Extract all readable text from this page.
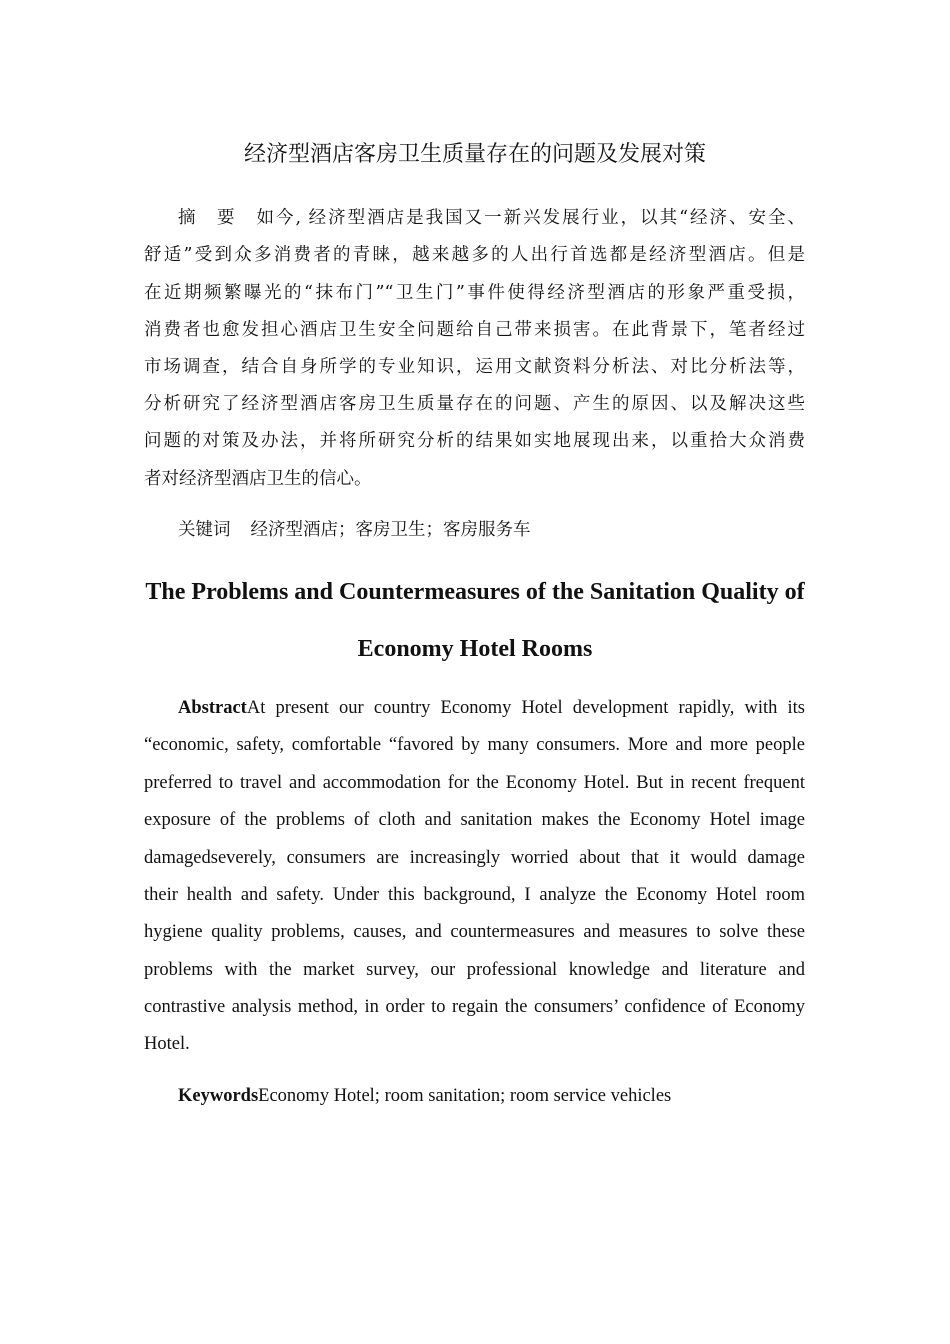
经济型酒店客房卫生质量存在的问题及发展对策
摘　要 如今, 经济型酒店是我国又一新兴发展行业，以其“经济、安全、
舒适”受到众多消费者的青睐，越来越多的人出行首选都是经济型酒店。但是
在近期频繁曝光的“抹布门”“卫生门”事件使得经济型酒店的形象严重受损，
消费者也愈发担心酒店卫生安全问题给自己带来损害。在此背景下，笔者经过
市场调查，结合自身所学的专业知识，运用文献资料分析法、对比分析法等，
分析研究了经济型酒店客房卫生质量存在的问题、产生的原因、以及解决这些
问题的对策及办法，并将所研究分析的结果如实地展现出来，以重拾大众消费
者对经济型酒店卫生的信心。
关键词 经济型酒店；客房卫生；客房服务车
The Problems and Countermeasures of the Sanitation Quality of
Economy Hotel Rooms
AbstractAt present our country Economy Hotel development rapidly, with its
“economic, safety, comfortable “favored by many consumers. More and more people
preferred to travel and accommodation for the Economy Hotel. But in recent frequent
exposure of the problems of cloth and sanitation makes the Economy Hotel image
damagedseverely, consumers are increasingly worried about that it would damage
their health and safety. Under this background, I analyze the Economy Hotel room
hygiene quality problems, causes, and countermeasures and measures to solve these
problems with the market survey, our professional knowledge and literature and
contrastive analysis method, in order to regain the consumers’ confidence of Economy
Hotel.
KeywordsEconomy Hotel; room sanitation; room service vehicles
